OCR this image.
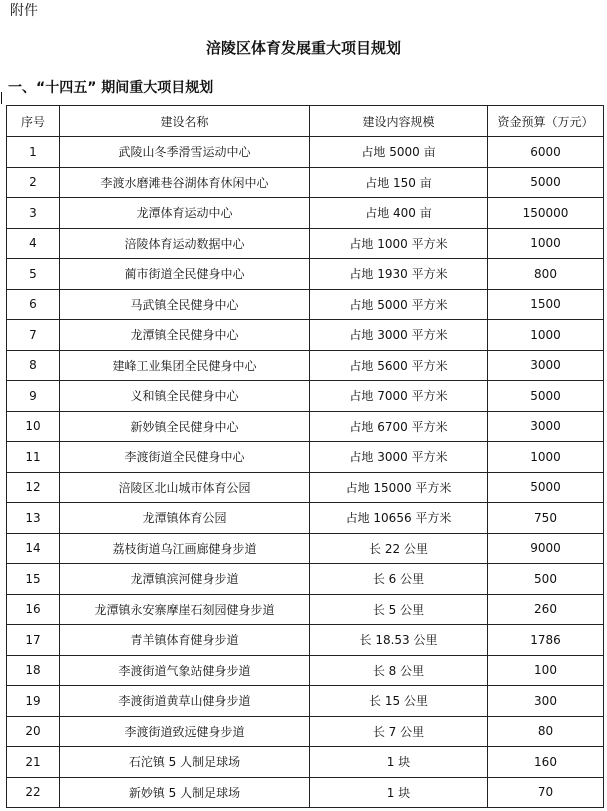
附件
涪陵区体育发展重大项目规划
一、“十四五” 期间重大项目规划
序号	建设名称	建设内容规模	资金预算（万元）
1	武陵山冬季滑雪运动中心	占地 5000 亩	6000
2	李渡水磨滩巷谷湖体育休闲中心	占地 150 亩	5000
3	龙潭体育运动中心	占地 400 亩	150000
4	涪陵体育运动数据中心	占地 1000 平方米	1000
5	蔺市街道全民健身中心	占地 1930 平方米	800
6	马武镇全民健身中心	占地 5000 平方米	1500
7	龙潭镇全民健身中心	占地 3000 平方米	1000
8	建峰工业集团全民健身中心	占地 5600 平方米	3000
9	义和镇全民健身中心	占地 7000 平方米	5000
10	新妙镇全民健身中心	占地 6700 平方米	3000
11	李渡街道全民健身中心	占地 3000 平方米	1000
12	涪陵区北山城市体育公园	占地 15000 平方米	5000
13	龙潭镇体育公园	占地 10656 平方米	750
14	荔枝街道乌江画廊健身步道	长 22 公里	9000
15	龙潭镇滨河健身步道	长 6 公里	500
16	龙潭镇永安寨摩崖石刻园健身步道	长 5 公里	260
17	青羊镇体育健身步道	长 18.53 公里	1786
18	李渡街道气象站健身步道	长 8 公里	100
19	李渡街道黄草山健身步道	长 15 公里	300
20	李渡街道致远健身步道	长 7 公里	80
21	石沱镇 5 人制足球场	1 块	160
22	新妙镇 5 人制足球场	1 块	70
